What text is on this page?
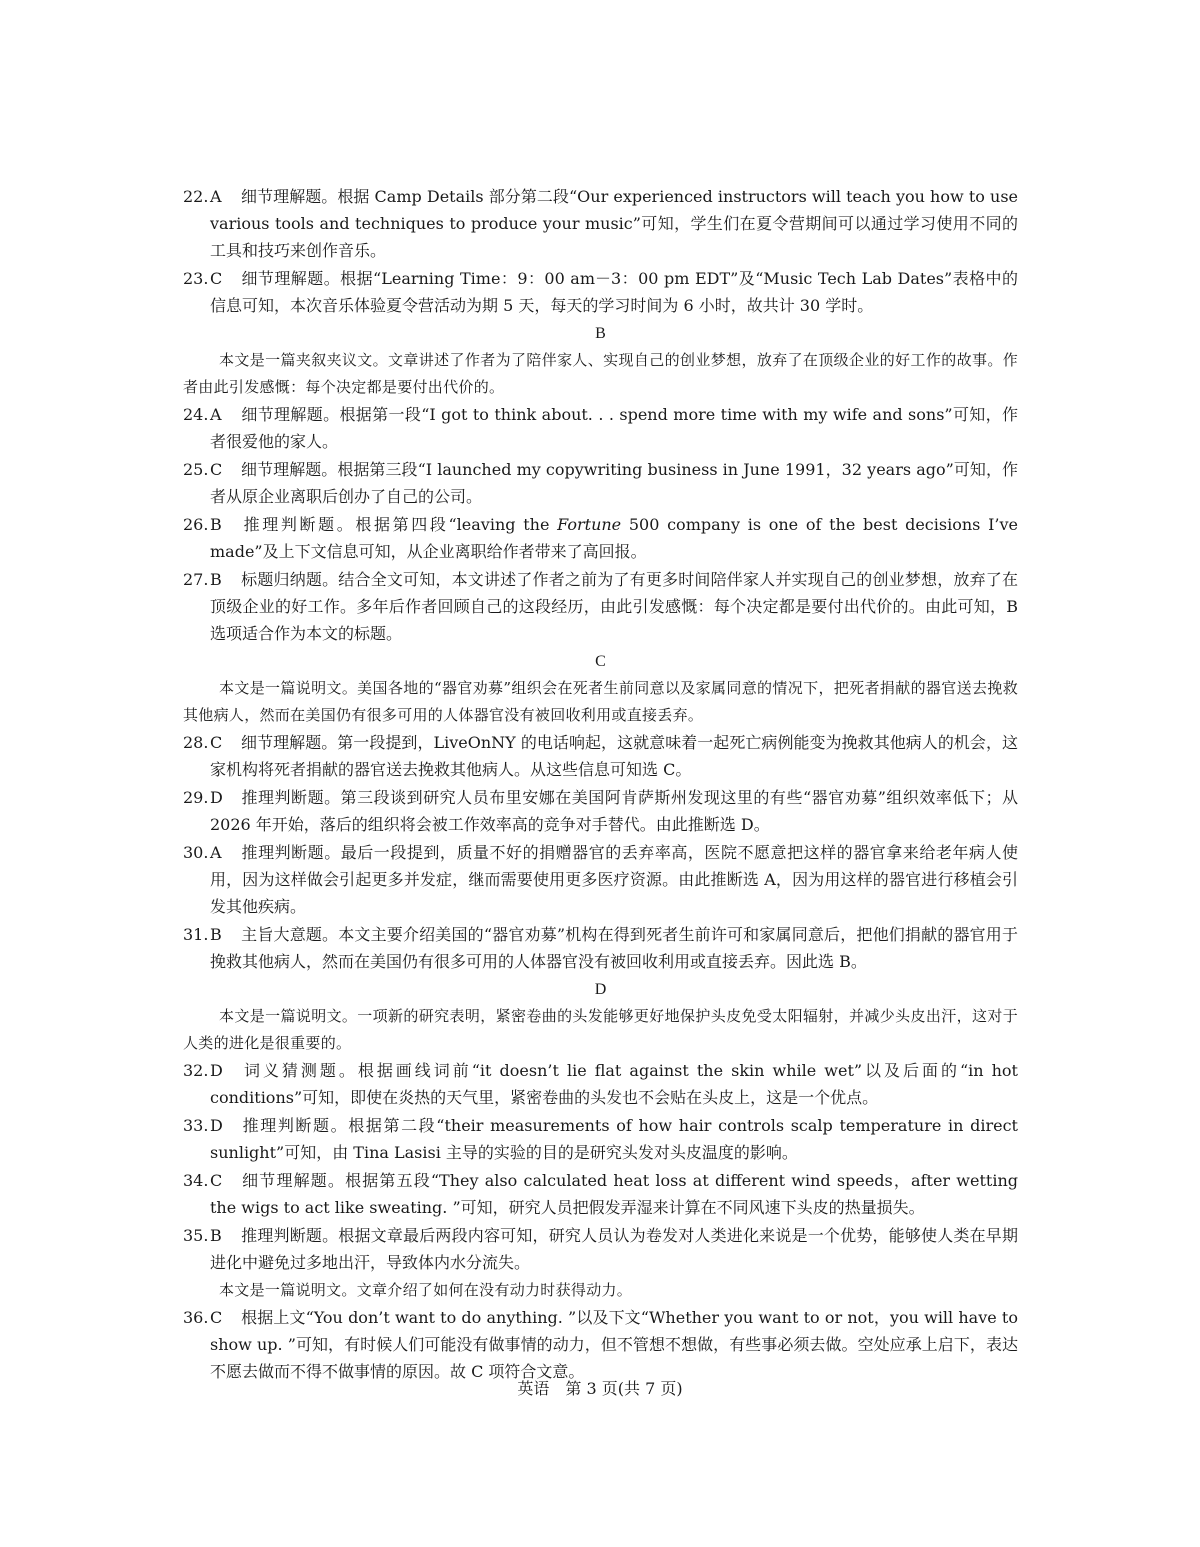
22.A 细节理解题。根据 Camp Details 部分第二段“Our experienced instructors will teach you how to use various tools and techniques to produce your music”可知，学生们在夏令营期间可以通过学习使用不同的工具和技巧来创作音乐。

23.C 细节理解题。根据“Learning Time：9：00 am－3：00 pm EDT”及“Music Tech Lab Dates”表格中的信息可知，本次音乐体验夏令营活动为期 5 天，每天的学习时间为 6 小时，故共计 30 学时。

B

本文是一篇夹叙夹议文。文章讲述了作者为了陪伴家人、实现自己的创业梦想，放弃了在顶级企业的好工作的故事。作者由此引发感慨：每个决定都是要付出代价的。

24.A 细节理解题。根据第一段“I got to think about. . . spend more time with my wife and sons”可知，作者很爱他的家人。

25.C 细节理解题。根据第三段“I launched my copywriting business in June 1991，32 years ago”可知，作者从原企业离职后创办了自己的公司。

26.B 推理判断题。根据第四段“leaving the Fortune 500 company is one of the best decisions I’ve made”及上下文信息可知，从企业离职给作者带来了高回报。

27.B 标题归纳题。结合全文可知，本文讲述了作者之前为了有更多时间陪伴家人并实现自己的创业梦想，放弃了在顶级企业的好工作。多年后作者回顾自己的这段经历，由此引发感慨：每个决定都是要付出代价的。由此可知，B 选项适合作为本文的标题。

C

本文是一篇说明文。美国各地的“器官劝募”组织会在死者生前同意以及家属同意的情况下，把死者捐献的器官送去挽救其他病人，然而在美国仍有很多可用的人体器官没有被回收利用或直接丢弃。

28.C 细节理解题。第一段提到，LiveOnNY 的电话响起，这就意味着一起死亡病例能变为挽救其他病人的机会，这家机构将死者捐献的器官送去挽救其他病人。从这些信息可知选 C。

29.D 推理判断题。第三段谈到研究人员布里安娜在美国阿肯萨斯州发现这里的有些“器官劝募”组织效率低下；从 2026 年开始，落后的组织将会被工作效率高的竞争对手替代。由此推断选 D。

30.A 推理判断题。最后一段提到，质量不好的捐赠器官的丢弃率高，医院不愿意把这样的器官拿来给老年病人使用，因为这样做会引起更多并发症，继而需要使用更多医疗资源。由此推断选 A，因为用这样的器官进行移植会引发其他疾病。

31.B 主旨大意题。本文主要介绍美国的“器官劝募”机构在得到死者生前许可和家属同意后，把他们捐献的器官用于挽救其他病人，然而在美国仍有很多可用的人体器官没有被回收利用或直接丢弃。因此选 B。

D

本文是一篇说明文。一项新的研究表明，紧密卷曲的头发能够更好地保护头皮免受太阳辐射，并减少头皮出汗，这对于人类的进化是很重要的。

32.D 词义猜测题。根据画线词前“it doesn’t lie flat against the skin while wet”以及后面的“in hot conditions”可知，即使在炎热的天气里，紧密卷曲的头发也不会贴在头皮上，这是一个优点。

33.D 推理判断题。根据第二段“their measurements of how hair controls scalp temperature in direct sunlight”可知，由 Tina Lasisi 主导的实验的目的是研究头发对头皮温度的影响。

34.C 细节理解题。根据第五段“They also calculated heat loss at different wind speeds，after wetting the wigs to act like sweating. ”可知，研究人员把假发弄湿来计算在不同风速下头皮的热量损失。

35.B 推理判断题。根据文章最后两段内容可知，研究人员认为卷发对人类进化来说是一个优势，能够使人类在早期进化中避免过多地出汗，导致体内水分流失。

本文是一篇说明文。文章介绍了如何在没有动力时获得动力。

36.C 根据上文“You don’t want to do anything. ”以及下文“Whether you want to or not，you will have to show up. ”可知，有时候人们可能没有做事情的动力，但不管想不想做，有些事必须去做。空处应承上启下，表达不愿去做而不得不做事情的原因。故 C 项符合文意。

英语　第 3 页(共 7 页)
